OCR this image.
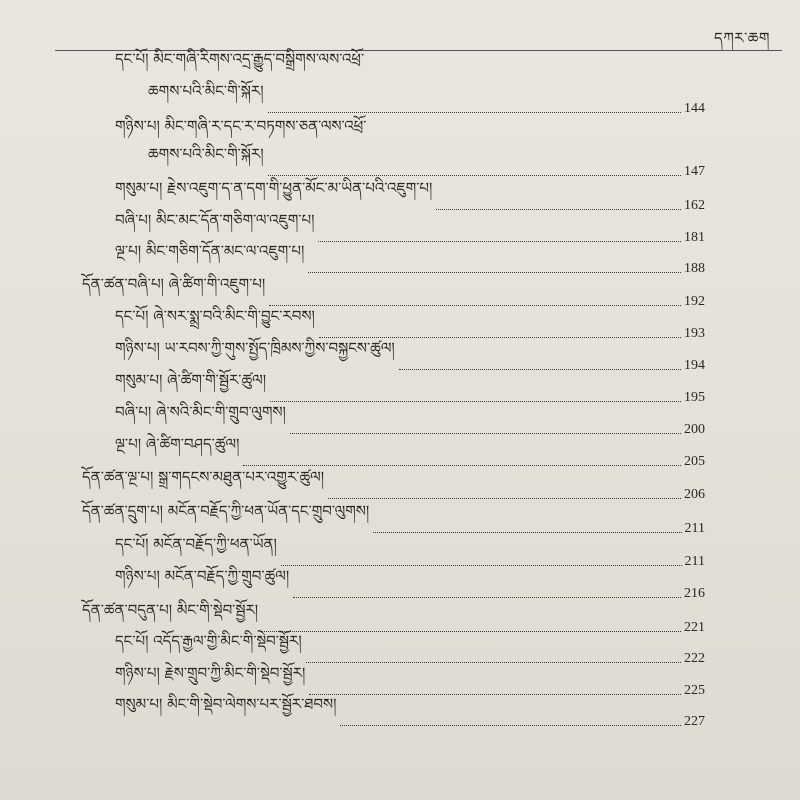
དཀར་ཆག
དང་པོ། མིང་གཞི་རིགས་འདྲ་རྒྱུད་བསྒྲིགས་ལས་འཕྲོ་
ཆགས་པའི་མིང་གི་སྐོར།
144
གཉིས་པ། མིང་གཞི་ར་དང་ར་བཏགས་ཅན་ལས་འཕྲོ་
ཆགས་པའི་མིང་གི་སྐོར།
147
གསུམ་པ། རྗེས་འཇུག་ད་ན་དག་གི་ཕྱུན་མོང་མ་ཡིན་པའི་འཇུག་པ།
162
བཞི་པ། མིང་མང་དོན་གཅིག་ལ་འཇུག་པ།
181
ལྔ་པ། མིང་གཅིག་དོན་མང་ལ་འཇུག་པ།
188
དོན་ཚན་བཞི་པ། ཞེ་ཚིག་གི་འཇུག་པ།
192
དང་པོ། ཞེ་སར་སྨྲ་བའི་མིང་གི་བྱུང་རབས།
193
གཉིས་པ། ཡ་རབས་ཀྱི་གུས་སྤྱོད་ཁྲིམས་ཀྱིས་བསྐྱངས་ཚུལ།
194
གསུམ་པ། ཞེ་ཚིག་གི་སྦྱོར་ཚུལ།
195
བཞི་པ། ཞེ་སའི་མིང་གི་གྲུབ་ལུགས།
200
ལྔ་པ། ཞེ་ཚིག་བཤད་ཚུལ།
205
དོན་ཚན་ལྔ་པ། སྒྲ་གདངས་མཐུན་པར་འགྱུར་ཚུལ།
206
དོན་ཚན་དྲུག་པ། མངོན་བརྗོད་ཀྱི་ཕན་ཡོན་དང་གྲུབ་ལུགས།
211
དང་པོ། མངོན་བརྗོད་ཀྱི་ཕན་ཡོན།
211
གཉིས་པ། མངོན་བརྗོད་ཀྱི་གྲུབ་ཚུལ།
216
དོན་ཚན་བདུན་པ། མིང་གི་སྡེབ་སྦྱོར།
221
དང་པོ། འདོད་རྒྱལ་གྱི་མིང་གི་སྡེབ་སྦྱོར།
222
གཉིས་པ། རྗེས་གྲུབ་ཀྱི་མིང་གི་སྡེབ་སྦྱོར།
225
གསུམ་པ། མིང་གི་སྡེབ་ལེགས་པར་སྦྱོར་ཐབས།
227
